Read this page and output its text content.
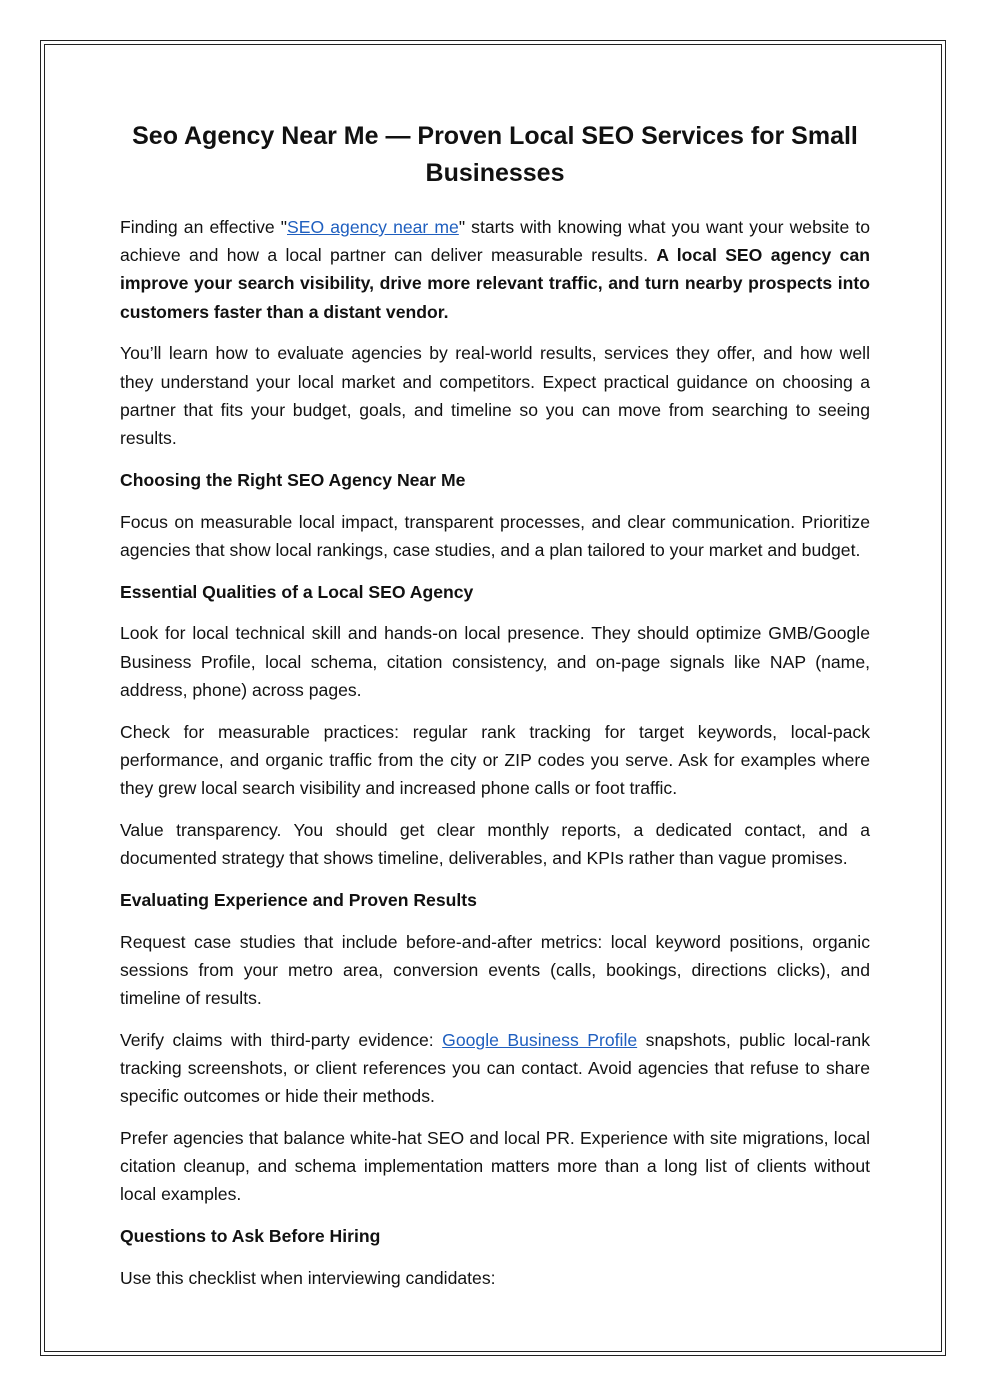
Seo Agency Near Me — Proven Local SEO Services for Small Businesses

Finding an effective "SEO agency near me" starts with knowing what you want your website to achieve and how a local partner can deliver measurable results. A local SEO agency can improve your search visibility, drive more relevant traffic, and turn nearby prospects into customers faster than a distant vendor.

You’ll learn how to evaluate agencies by real-world results, services they offer, and how well they understand your local market and competitors. Expect practical guidance on choosing a partner that fits your budget, goals, and timeline so you can move from searching to seeing results.

Choosing the Right SEO Agency Near Me

Focus on measurable local impact, transparent processes, and clear communication. Prioritize agencies that show local rankings, case studies, and a plan tailored to your market and budget.

Essential Qualities of a Local SEO Agency

Look for local technical skill and hands-on local presence. They should optimize GMB/Google Business Profile, local schema, citation consistency, and on-page signals like NAP (name, address, phone) across pages.

Check for measurable practices: regular rank tracking for target keywords, local-pack performance, and organic traffic from the city or ZIP codes you serve. Ask for examples where they grew local search visibility and increased phone calls or foot traffic.

Value transparency. You should get clear monthly reports, a dedicated contact, and a documented strategy that shows timeline, deliverables, and KPIs rather than vague promises.

Evaluating Experience and Proven Results

Request case studies that include before-and-after metrics: local keyword positions, organic sessions from your metro area, conversion events (calls, bookings, directions clicks), and timeline of results.

Verify claims with third-party evidence: Google Business Profile snapshots, public local-rank tracking screenshots, or client references you can contact. Avoid agencies that refuse to share specific outcomes or hide their methods.

Prefer agencies that balance white-hat SEO and local PR. Experience with site migrations, local citation cleanup, and schema implementation matters more than a long list of clients without local examples.

Questions to Ask Before Hiring

Use this checklist when interviewing candidates:
